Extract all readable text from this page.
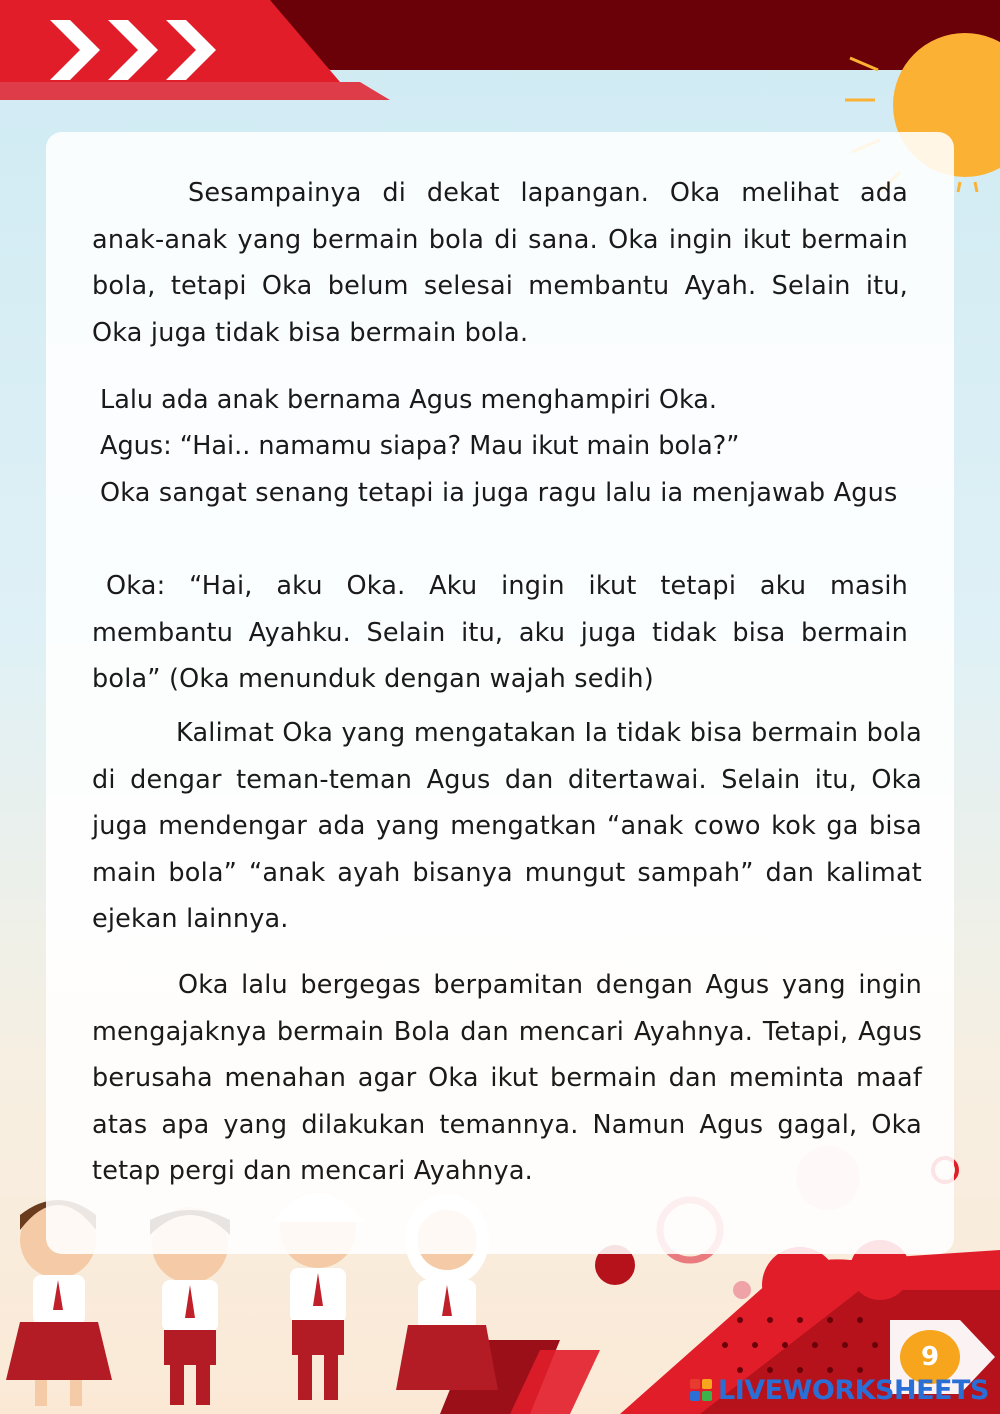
Sesampainya di dekat lapangan. Oka melihat ada anak-anak yang bermain bola di sana. Oka ingin ikut bermain bola, tetapi Oka belum selesai membantu Ayah. Selain itu, Oka juga tidak bisa bermain bola.
Lalu ada anak bernama Agus menghampiri Oka.
Agus: “Hai.. namamu siapa? Mau ikut main bola?”
Oka sangat senang tetapi ia juga ragu lalu ia menjawab Agus
Oka: “Hai, aku Oka. Aku ingin ikut tetapi aku masih membantu Ayahku. Selain itu, aku juga tidak bisa bermain bola” (Oka menunduk dengan wajah sedih)
Kalimat Oka yang mengatakan Ia tidak bisa bermain bola di dengar teman-teman Agus dan ditertawai. Selain itu, Oka juga mendengar ada yang mengatkan “anak cowo kok ga bisa main bola” “anak ayah bisanya mungut sampah” dan kalimat ejekan lainnya.
Oka lalu bergegas berpamitan dengan Agus yang ingin mengajaknya bermain Bola dan mencari Ayahnya. Tetapi, Agus berusaha menahan agar Oka ikut bermain dan meminta maaf atas apa yang dilakukan temannya. Namun Agus gagal, Oka tetap pergi dan mencari Ayahnya.
9
LIVEWORKSHEETS
